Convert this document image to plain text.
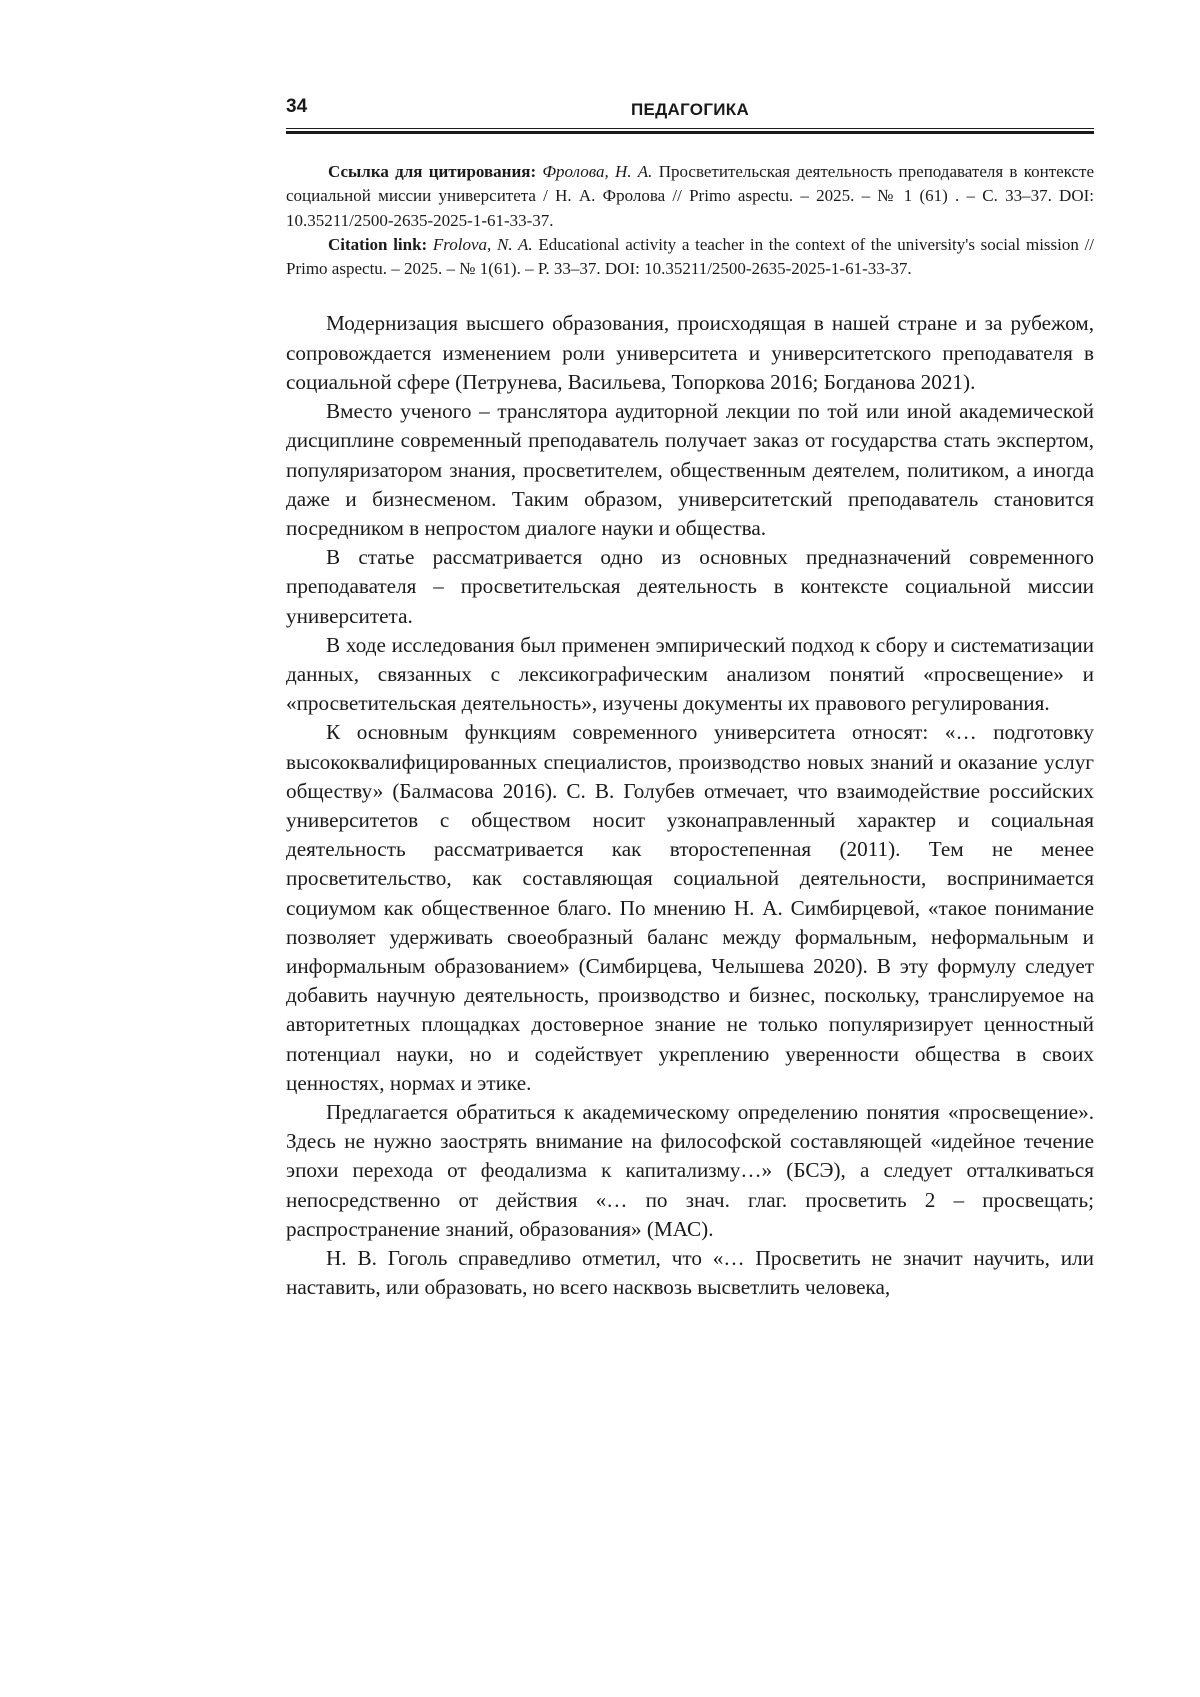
34	ПЕДАГОГИКА

Ссылка для цитирования: Фролова, Н. А. Просветительская деятельность преподавателя в контексте социальной миссии университета / Н. А. Фролова // Primo aspectu. – 2025. – № 1 (61) . – С. 33–37. DOI: 10.35211/2500-2635-2025-1-61-33-37.

Citation link: Frolova, N. A. Educational activity a teacher in the context of the university's social mission // Primo aspectu. – 2025. – № 1(61). – P. 33–37. DOI: 10.35211/2500-2635-2025-1-61-33-37.

Модернизация высшего образования, происходящая в нашей стране и за рубежом, сопровождается изменением роли университета и университетского преподавателя в социальной сфере (Петрунева, Васильева, Топоркова 2016; Богданова 2021).

Вместо ученого – транслятора аудиторной лекции по той или иной академической дисциплине современный преподаватель получает заказ от государства стать экспертом, популяризатором знания, просветителем, общественным деятелем, политиком, а иногда даже и бизнесменом. Таким образом, университетский преподаватель становится посредником в непростом диалоге науки и общества.

В статье рассматривается одно из основных предназначений современного преподавателя – просветительская деятельность в контексте социальной миссии университета.

В ходе исследования был применен эмпирический подход к сбору и систематизации данных, связанных с лексикографическим анализом понятий «просвещение» и «просветительская деятельность», изучены документы их правового регулирования.

К основным функциям современного университета относят: «… подготовку высококвалифицированных специалистов, производство новых знаний и оказание услуг обществу» (Балмасова 2016). С. В. Голубев отмечает, что взаимодействие российских университетов с обществом носит узконаправленный характер и социальная деятельность рассматривается как второстепенная (2011). Тем не менее просветительство, как составляющая социальной деятельности, воспринимается социумом как общественное благо. По мнению Н. А. Симбирцевой, «такое понимание позволяет удерживать своеобразный баланс между формальным, неформальным и информальным образованием» (Симбирцева, Челышева 2020). В эту формулу следует добавить научную деятельность, производство и бизнес, поскольку, транслируемое на авторитетных площадках достоверное знание не только популяризирует ценностный потенциал науки, но и содействует укреплению уверенности общества в своих ценностях, нормах и этике.

Предлагается обратиться к академическому определению понятия «просвещение». Здесь не нужно заострять внимание на философской составляющей «идейное течение эпохи перехода от феодализма к капитализму…» (БСЭ), а следует отталкиваться непосредственно от действия «… по знач. глаг. просветить 2 – просвещать; распространение знаний, образования» (МАС).

Н. В. Гоголь справедливо отметил, что «… Просветить не значит научить, или наставить, или образовать, но всего насквозь высветлить человека,
